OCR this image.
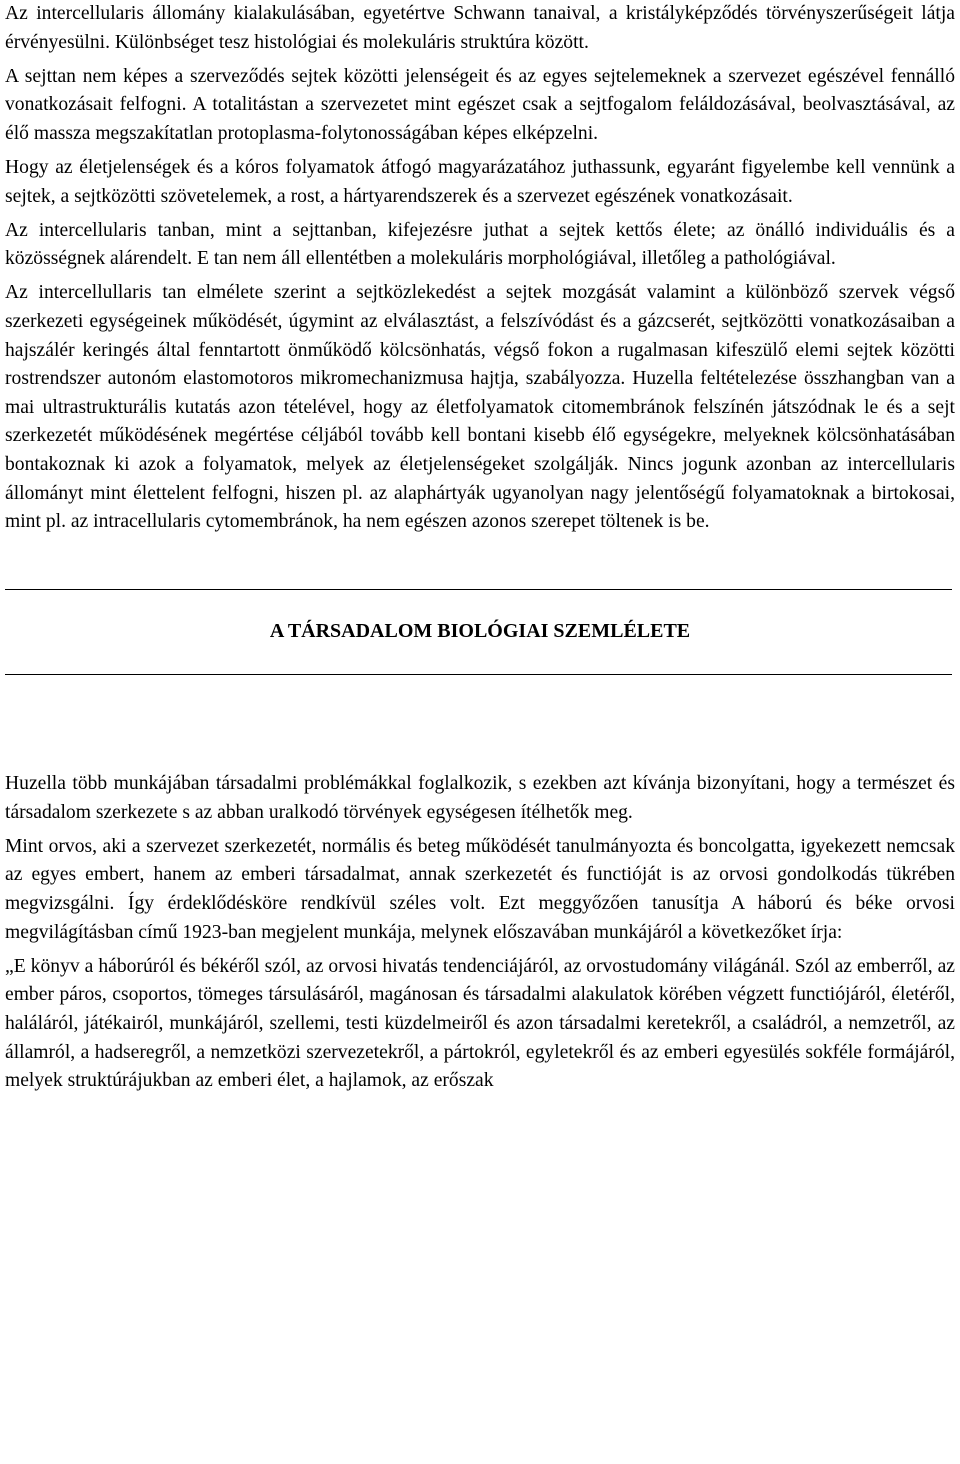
Az intercellularis állomány kialakulásában, egyetértve Schwann tanaival, a kristályképződés törvényszerűségeit látja érvényesülni. Különbséget tesz histológiai és molekuláris struktúra között.

A sejttan nem képes a szerveződés sejtek közötti jelenségeit és az egyes sejtelemeknek a szervezet egészével fennálló vonatkozásait felfogni. A totalitástan a szervezetet mint egészet csak a sejtfogalom feláldozásával, beolvasztásával, az élő massza megszakítatlan protoplasma-folytonosságában képes elképzelni.

Hogy az életjelenségek és a kóros folyamatok átfogó magyarázatához juthassunk, egyaránt figyelembe kell vennünk a sejtek, a sejtközötti szövetelemek, a rost, a hártyarendszerek és a szervezet egészének vonatkozásait.

Az intercellularis tanban, mint a sejttanban, kifejezésre juthat a sejtek kettős élete; az önálló individuális és a közösségnek alárendelt. E tan nem áll ellentétben a molekuláris morphológiával, illetőleg a pathológiával.

Az intercellullaris tan elmélete szerint a sejtközlekedést a sejtek mozgását valamint a különböző szervek végső szerkezeti egységeinek működését, úgymint az elválasztást, a felszívódást és a gázcserét, sejtközötti vonatkozásaiban a hajszálér keringés által fenntartott önműködő kölcsönhatás, végső fokon a rugalmasan kifeszülő elemi sejtek közötti rostrendszer autonóm elastomotoros mikromechanizmusa hajtja, szabályozza. Huzella feltételezése összhangban van a mai ultrastrukturális kutatás azon tételével, hogy az életfolyamatok citomembránok felszínén játszódnak le és a sejt szerkezetét működésének megértése céljából tovább kell bontani kisebb élő egységekre, melyeknek kölcsönhatásában bontakoznak ki azok a folyamatok, melyek az életjelenségeket szolgálják. Nincs jogunk azonban az intercellularis állományt mint élettelent felfogni, hiszen pl. az alaphártyák ugyanolyan nagy jelentőségű folyamatoknak a birtokosai, mint pl. az intracellularis cytomembránok, ha nem egészen azonos szerepet töltenek is be.

A TÁRSADALOM BIOLÓGIAI SZEMLÉLETE

Huzella több munkájában társadalmi problémákkal foglalkozik, s ezekben azt kívánja bizonyítani, hogy a természet és társadalom szerkezete s az abban uralkodó törvények egységesen ítélhetők meg.

Mint orvos, aki a szervezet szerkezetét, normális és beteg működését tanulmányozta és boncolgatta, igyekezett nemcsak az egyes embert, hanem az emberi társadalmat, annak szerkezetét és functióját is az orvosi gondolkodás tükrében megvizsgálni. Így érdeklődésköre rendkívül széles volt. Ezt meggyőzően tanusítja A háború és béke orvosi megvilágításban című 1923-ban megjelent munkája, melynek előszavában munkájáról a következőket írja:

„E könyv a háborúról és békéről szól, az orvosi hivatás tendenciájáról, az orvostudomány világánál. Szól az emberről, az ember páros, csoportos, tömeges társulásáról, magánosan és társadalmi alakulatok körében végzett functiójáról, életéről, haláláról, játékairól, munkájáról, szellemi, testi küzdelmeiről és azon társadalmi keretekről, a családról, a nemzetről, az államról, a hadseregről, a nemzetközi szervezetekről, a pártokról, egyletekről és az emberi egyesülés sokféle formájáról, melyek struktúrájukban az emberi élet, a hajlamok, az erőszak
